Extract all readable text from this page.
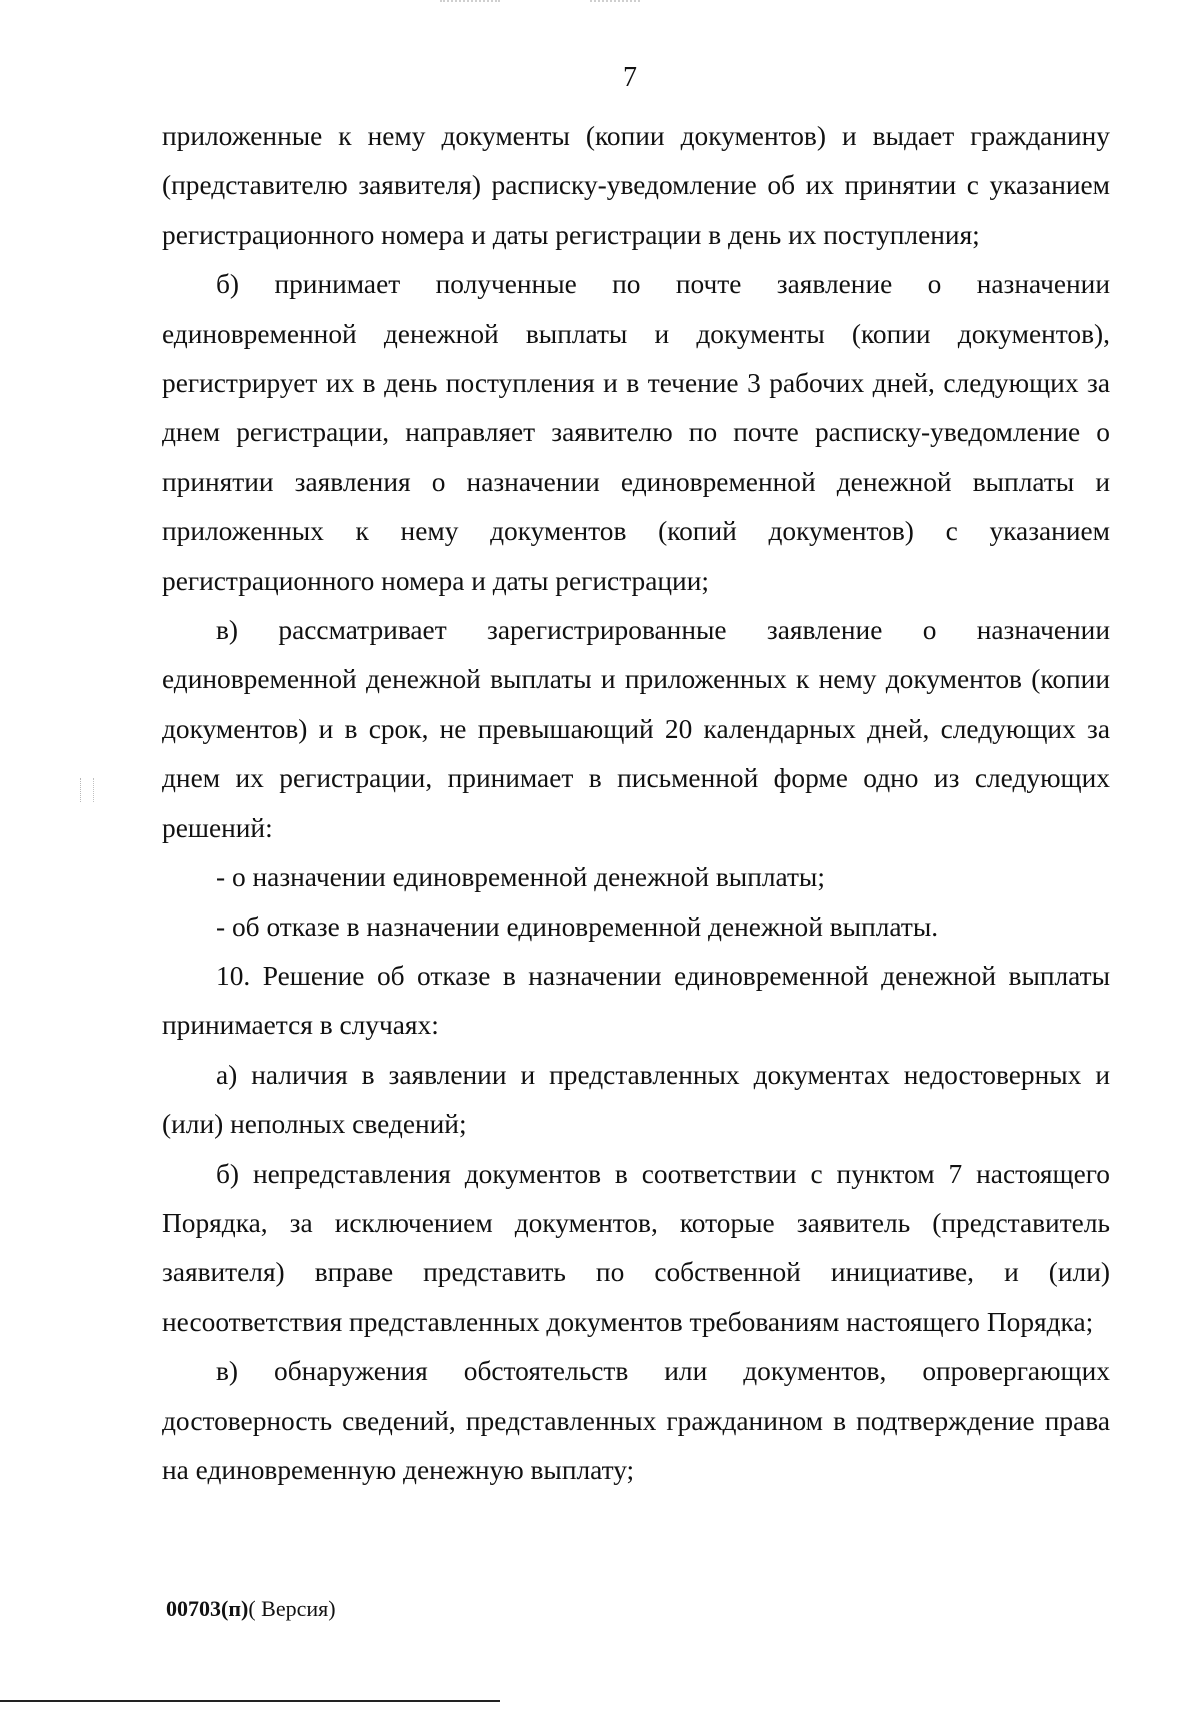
7

приложенные к нему документы (копии документов) и выдает гражданину (представителю заявителя) расписку-уведомление об их принятии с указанием регистрационного номера и даты регистрации в день их поступления;

б) принимает полученные по почте заявление о назначении единовременной денежной выплаты и документы (копии документов), регистрирует их в день поступления и в течение 3 рабочих дней, следующих за днем регистрации, направляет заявителю по почте расписку-уведомление о принятии заявления о назначении единовременной денежной выплаты и приложенных к нему документов (копий документов) с указанием регистрационного номера и даты регистрации;

в) рассматривает зарегистрированные заявление о назначении единовременной денежной выплаты и приложенных к нему документов (копии документов) и в срок, не превышающий 20 календарных дней, следующих за днем их регистрации, принимает в письменной форме одно из следующих решений:

- о назначении единовременной денежной выплаты;

- об отказе в назначении единовременной денежной выплаты.

10. Решение об отказе в назначении единовременной денежной выплаты принимается в случаях:

а) наличия в заявлении и представленных документах недостоверных и (или) неполных сведений;

б) непредставления документов в соответствии с пунктом 7 настоящего Порядка, за исключением документов, которые заявитель (представитель заявителя) вправе представить по собственной инициативе, и (или) несоответствия представленных документов требованиям настоящего Порядка;

в) обнаружения обстоятельств или документов, опровергающих достоверность сведений, представленных гражданином в подтверждение права на единовременную денежную выплату;

00703(п)( Версия)
